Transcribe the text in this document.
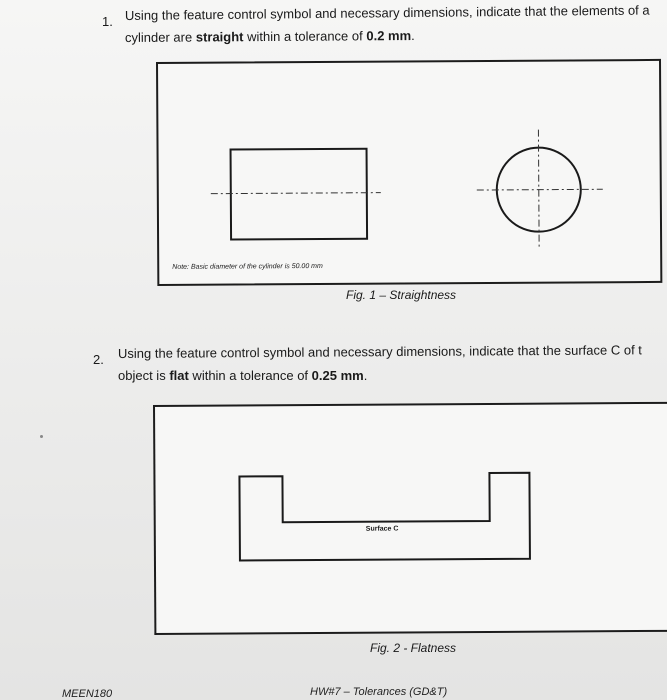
1. Using the feature control symbol and necessary dimensions, indicate that the elements of a
cylinder are straight within a tolerance of 0.2 mm.
Note: Basic diameter of the cylinder is 50.00 mm
Fig. 1 – Straightness
2. Using the feature control symbol and necessary dimensions, indicate that the surface C of t
object is flat within a tolerance of 0.25 mm.
Surface C
Fig. 2 - Flatness
MEEN180	HW#7 – Tolerances (GD&T)
